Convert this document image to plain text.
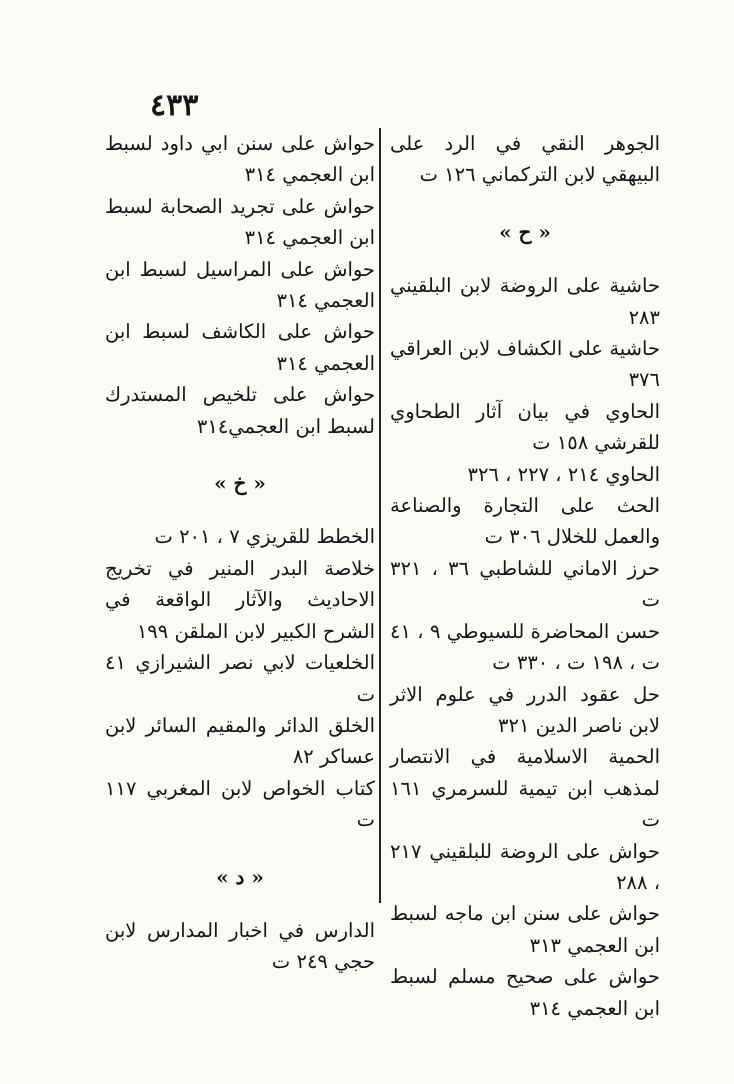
٤٣٣

الجوهر النقي في الرد على البيهقي لابن التركماني ١٢٦ ت

« ح »

حاشية على الروضة لابن البلقيني ٢٨٣

حاشية على الكشاف لابن العراقي ٣٧٦

الحاوي في بيان آثار الطحاوي للقرشي ١٥٨ ت

الحاوي ٢١٤ ، ٢٢٧ ، ٣٢٦

الحث على التجارة والصناعة والعمل للخلال ٣٠٦ ت

حرز الاماني للشاطبي ٣٦ ، ٣٢١ ت

حسن المحاضرة للسيوطي ٩ ، ٤١ ت ، ١٩٨ ت ، ٣٣٠ ت

حل عقود الدرر في علوم الاثر لابن ناصر الدين ٣٢١

الحمية الاسلامية في الانتصار لمذهب ابن تيمية للسرمري ١٦١ ت

حواش على الروضة للبلقيني ٢١٧ ، ٢٨٨

حواش على سنن ابن ماجه لسبط ابن العجمي ٣١٣

حواش على صحيح مسلم لسبط ابن العجمي ٣١٤

حواش على سنن ابي داود لسبط ابن العجمي ٣١٤

حواش على تجريد الصحابة لسبط ابن العجمي ٣١٤

حواش على المراسيل لسبط ابن العجمي ٣١٤

حواش على الكاشف لسبط ابن العجمي ٣١٤

حواش على تلخيص المستدرك لسبط ابن العجمي٣١٤

« خ »

الخطط للقريزي ٧ ، ٢٠١ ت

خلاصة البدر المنير في تخريج الاحاديث والآثار الواقعة في الشرح الكبير لابن الملقن ١٩٩

الخلعيات لابي نصر الشيرازي ٤١ ت

الخلق الدائر والمقيم السائر لابن عساكر ٨٢

كتاب الخواص لابن المغربي ١١٧ ت

« د »

الدارس في اخبار المدارس لابن حجي ٢٤٩ ت
